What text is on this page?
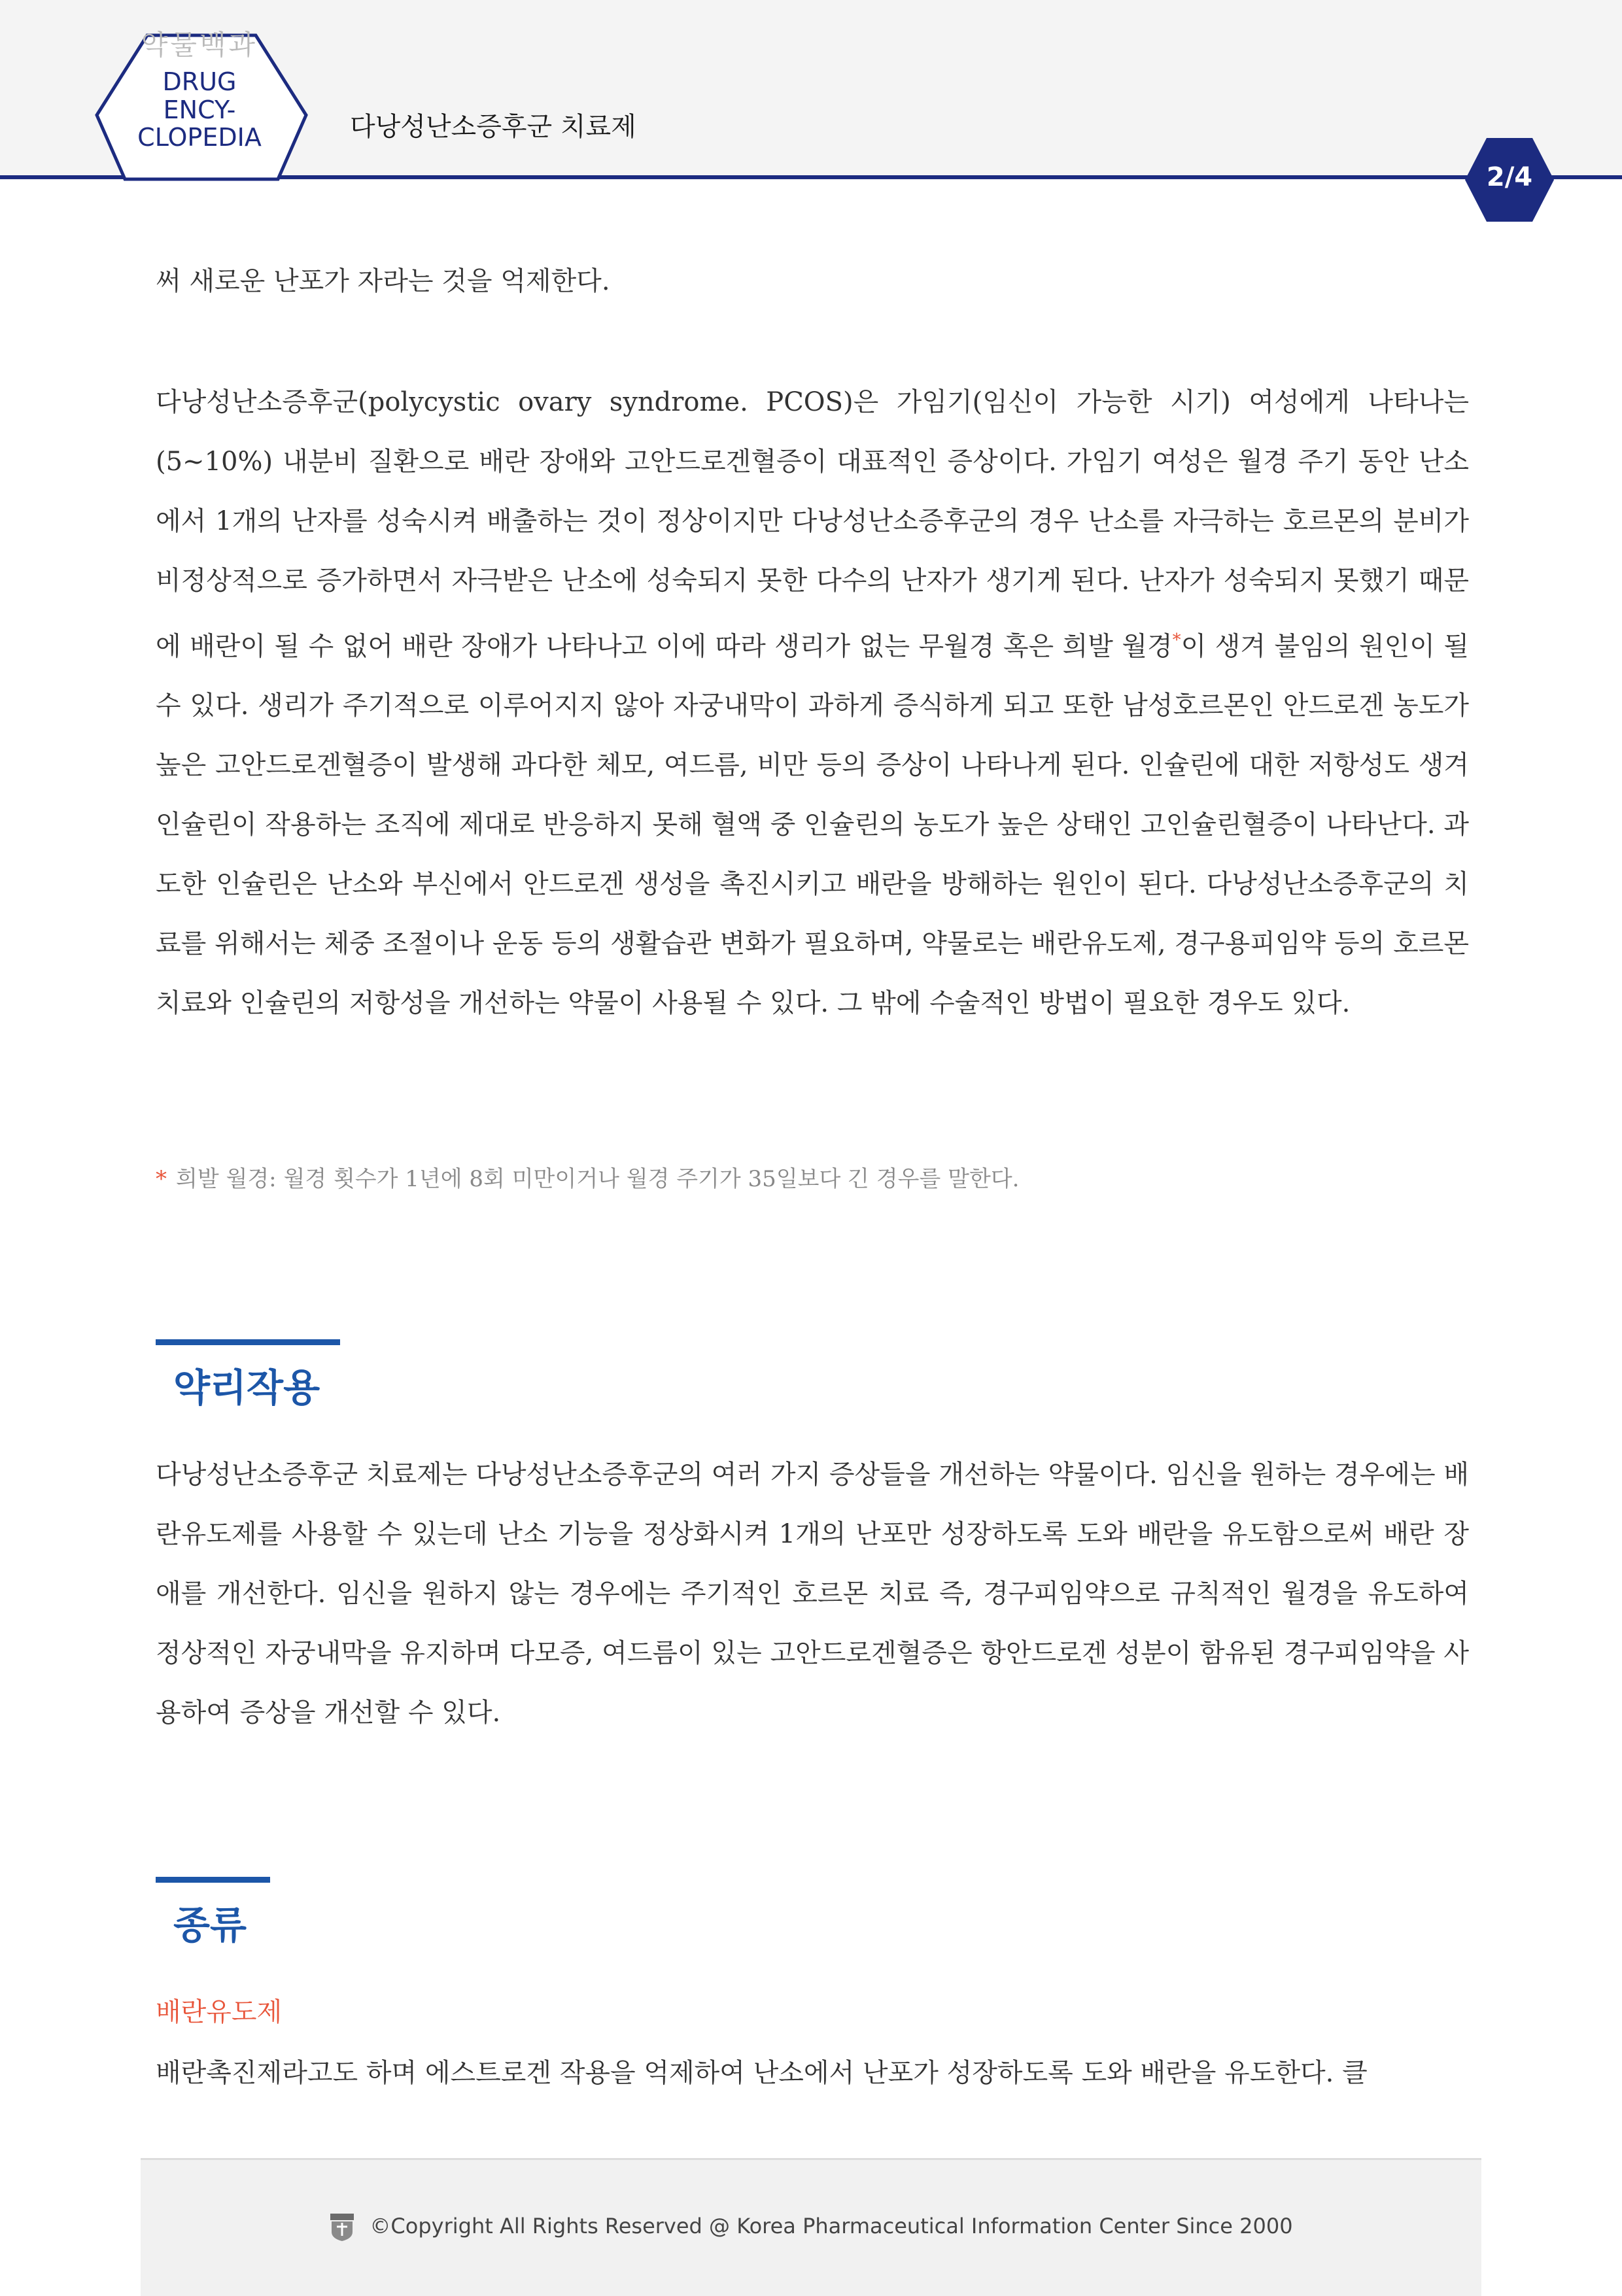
약물백과
DRUG ENCY-
CLOPEDIA	다낭성난소증후군 치료제
2/4
써 새로운 난포가 자라는 것을 억제한다.
다낭성난소증후군(polycystic ovary syndrome. PCOS)은 가임기(임신이 가능한 시기) 여성에게 나타나는 (5~10%) 내분비 질환으로 배란 장애와 고안드로겐혈증이 대표적인 증상이다. 가임기 여성은 월경 주기 동안 난소에서 1개의 난자를 성숙시켜 배출하는 것이 정상이지만 다낭성난소증후군의 경우 난소를 자극하는 호르몬의 분비가 비정상적으로 증가하면서 자극받은 난소에 성숙되지 못한 다수의 난자가 생기게 된다. 난자가 성숙되지 못했기 때문에 배란이 될 수 없어 배란 장애가 나타나고 이에 따라 생리가 없는 무월경 혹은 희발 월경*이 생겨 불임의 원인이 될 수 있다. 생리가 주기적으로 이루어지지 않아 자궁내막이 과하게 증식하게 되고 또한 남성호르몬인 안드로겐 농도가 높은 고안드로겐혈증이 발생해 과다한 체모, 여드름, 비만 등의 증상이 나타나게 된다. 인슐린에 대한 저항성도 생겨 인슐린이 작용하는 조직에 제대로 반응하지 못해 혈액 중 인슐린의 농도가 높은 상태인 고인슐린혈증이 나타난다. 과도한 인슐린은 난소와 부신에서 안드로겐 생성을 촉진시키고 배란을 방해하는 원인이 된다. 다낭성난소증후군의 치료를 위해서는 체중 조절이나 운동 등의 생활습관 변화가 필요하며, 약물로는 배란유도제, 경구용피임약 등의 호르몬치료와 인슐린의 저항성을 개선하는 약물이 사용될 수 있다. 그 밖에 수술적인 방법이 필요한 경우도 있다.
* 희발 월경: 월경 횟수가 1년에 8회 미만이거나 월경 주기가 35일보다 긴 경우를 말한다.
약리작용
다낭성난소증후군 치료제는 다낭성난소증후군의 여러 가지 증상들을 개선하는 약물이다. 임신을 원하는 경우에는 배란유도제를 사용할 수 있는데 난소 기능을 정상화시켜 1개의 난포만 성장하도록 도와 배란을 유도함으로써 배란 장애를 개선한다. 임신을 원하지 않는 경우에는 주기적인 호르몬 치료 즉, 경구피임약으로 규칙적인 월경을 유도하여 정상적인 자궁내막을 유지하며 다모증, 여드름이 있는 고안드로겐혈증은 항안드로겐 성분이 함유된 경구피임약을 사용하여 증상을 개선할 수 있다.
종류
배란유도제
배란촉진제라고도 하며 에스트로겐 작용을 억제하여 난소에서 난포가 성장하도록 도와 배란을 유도한다. 클
©Copyright All Rights Reserved @ Korea Pharmaceutical Information Center Since 2000
